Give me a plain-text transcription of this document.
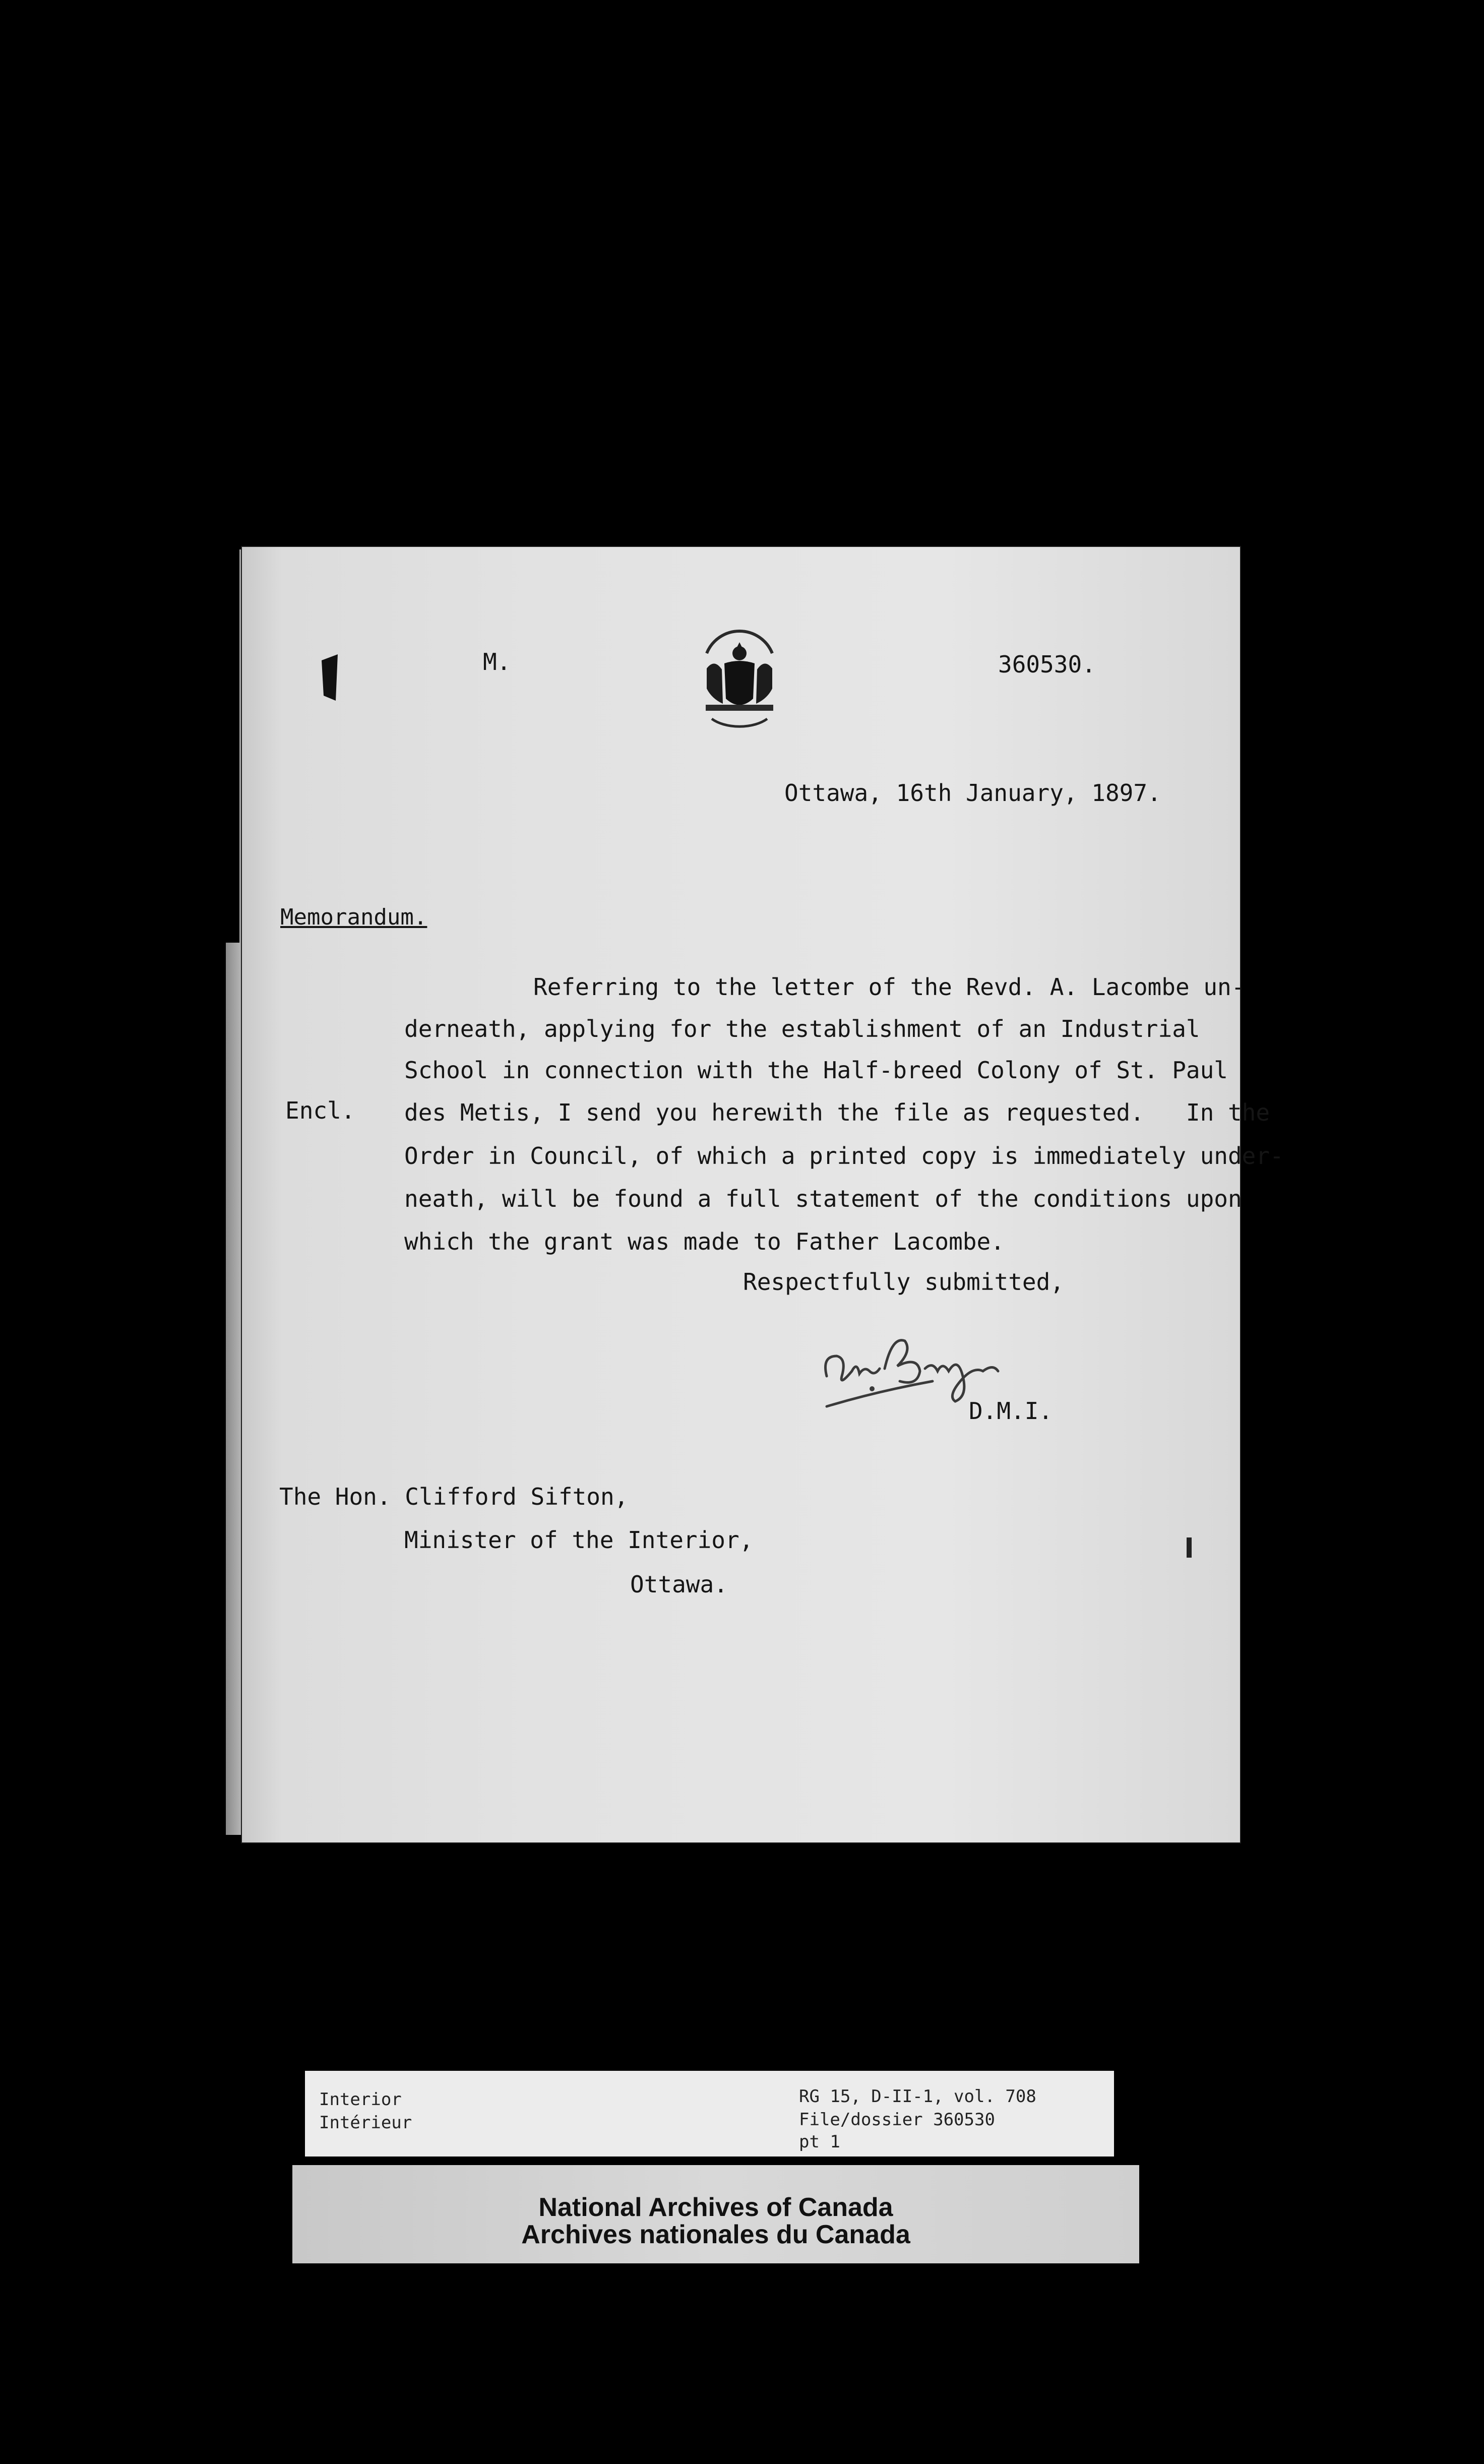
M.	360530.
Ottawa, 16th January, 1897.
Memorandum.
Encl.
Referring to the letter of the Revd. A. Lacombe un-
derneath, applying for the establishment of an Industrial
School in connection with the Half-breed Colony of St. Paul
des Metis, I send you herewith the file as requested.   In the
Order in Council, of which a printed copy is immediately under-
neath, will be found a full statement of the conditions upon
which the grant was made to Father Lacombe.
Respectfully submitted,
D.M.I.
The Hon. Clifford Sifton,
Minister of the Interior,
Ottawa.
Interior
Intérieur
RG 15, D-II-1, vol. 708
File/dossier 360530
pt 1
National Archives of Canada
Archives nationales du Canada
